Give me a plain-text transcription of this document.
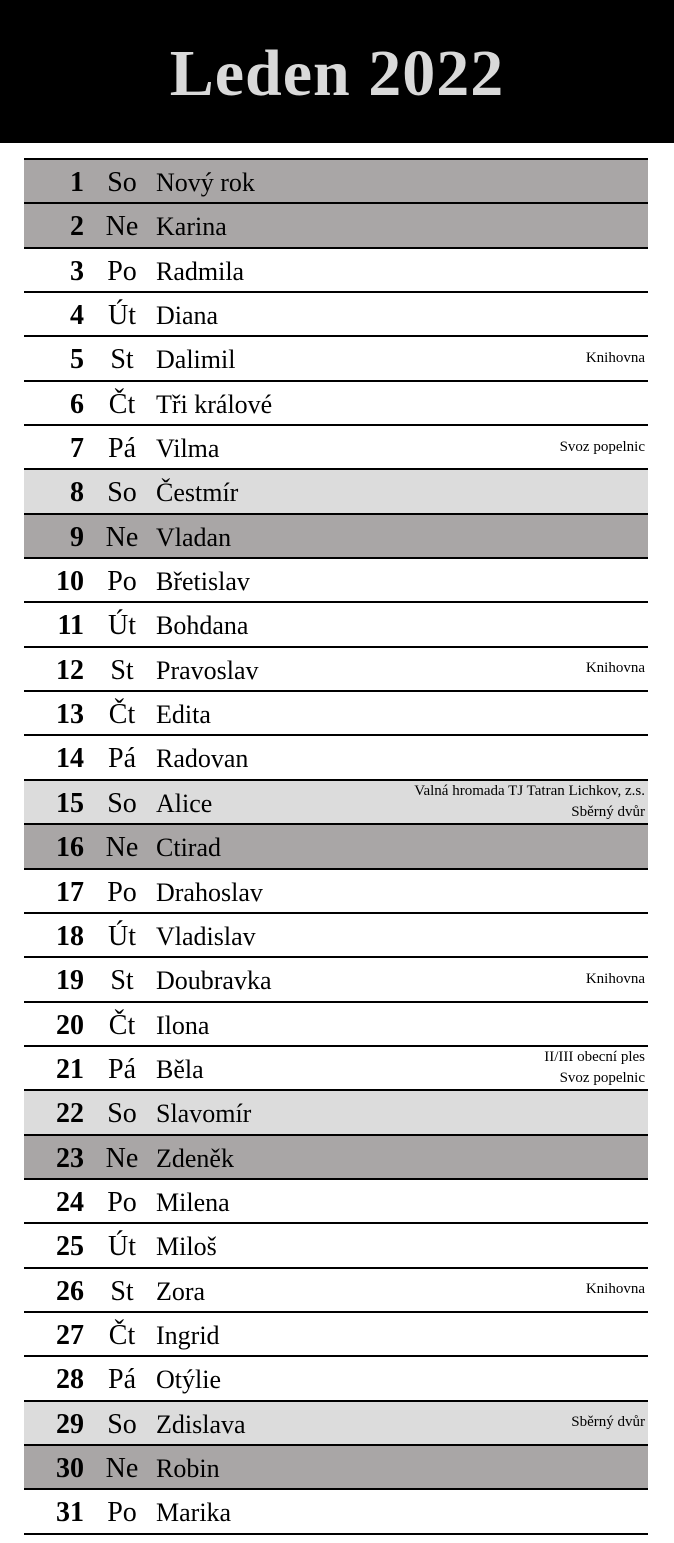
Leden 2022
1 So Nový rok
2 Ne Karina
3 Po Radmila
4 Út Diana
5 St Dalimil	Knihovna
6 Čt Tři králové
7 Pá Vilma	Svoz popelnic
8 So Čestmír
9 Ne Vladan
10 Po Břetislav
11 Út Bohdana
12 St Pravoslav	Knihovna
13 Čt Edita
14 Pá Radovan
15 So Alice	Valná hromada TJ Tatran Lichkov, z.s.
Sběrný dvůr
16 Ne Ctirad
17 Po Drahoslav
18 Út Vladislav
19 St Doubravka	Knihovna
20 Čt Ilona
21 Pá Běla	II/III obecní ples
Svoz popelnic
22 So Slavomír
23 Ne Zdeněk
24 Po Milena
25 Út Miloš
26 St Zora	Knihovna
27 Čt Ingrid
28 Pá Otýlie
29 So Zdislava	Sběrný dvůr
30 Ne Robin
31 Po Marika
